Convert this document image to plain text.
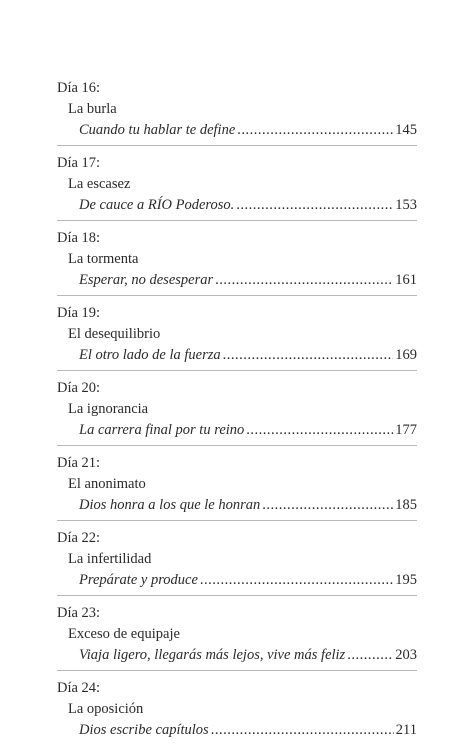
Día 16:
La burla
Cuando tu hablar te define .....	145
Día 17:
La escasez
De cauce a RÍO Poderoso. .....	153
Día 18:
La tormenta
Esperar, no desesperar .....	161
Día 19:
El desequilibrio
El otro lado de la fuerza .....	169
Día 20:
La ignorancia
La carrera final por tu reino .....	177
Día 21:
El anonimato
Dios honra a los que le honran .....	185
Día 22:
La infertilidad
Prepárate y produce .....	195
Día 23:
Exceso de equipaje
Viaja ligero, llegarás más lejos, vive más feliz .....	203
Día 24:
La oposición
Dios escribe capítulos .....	211
